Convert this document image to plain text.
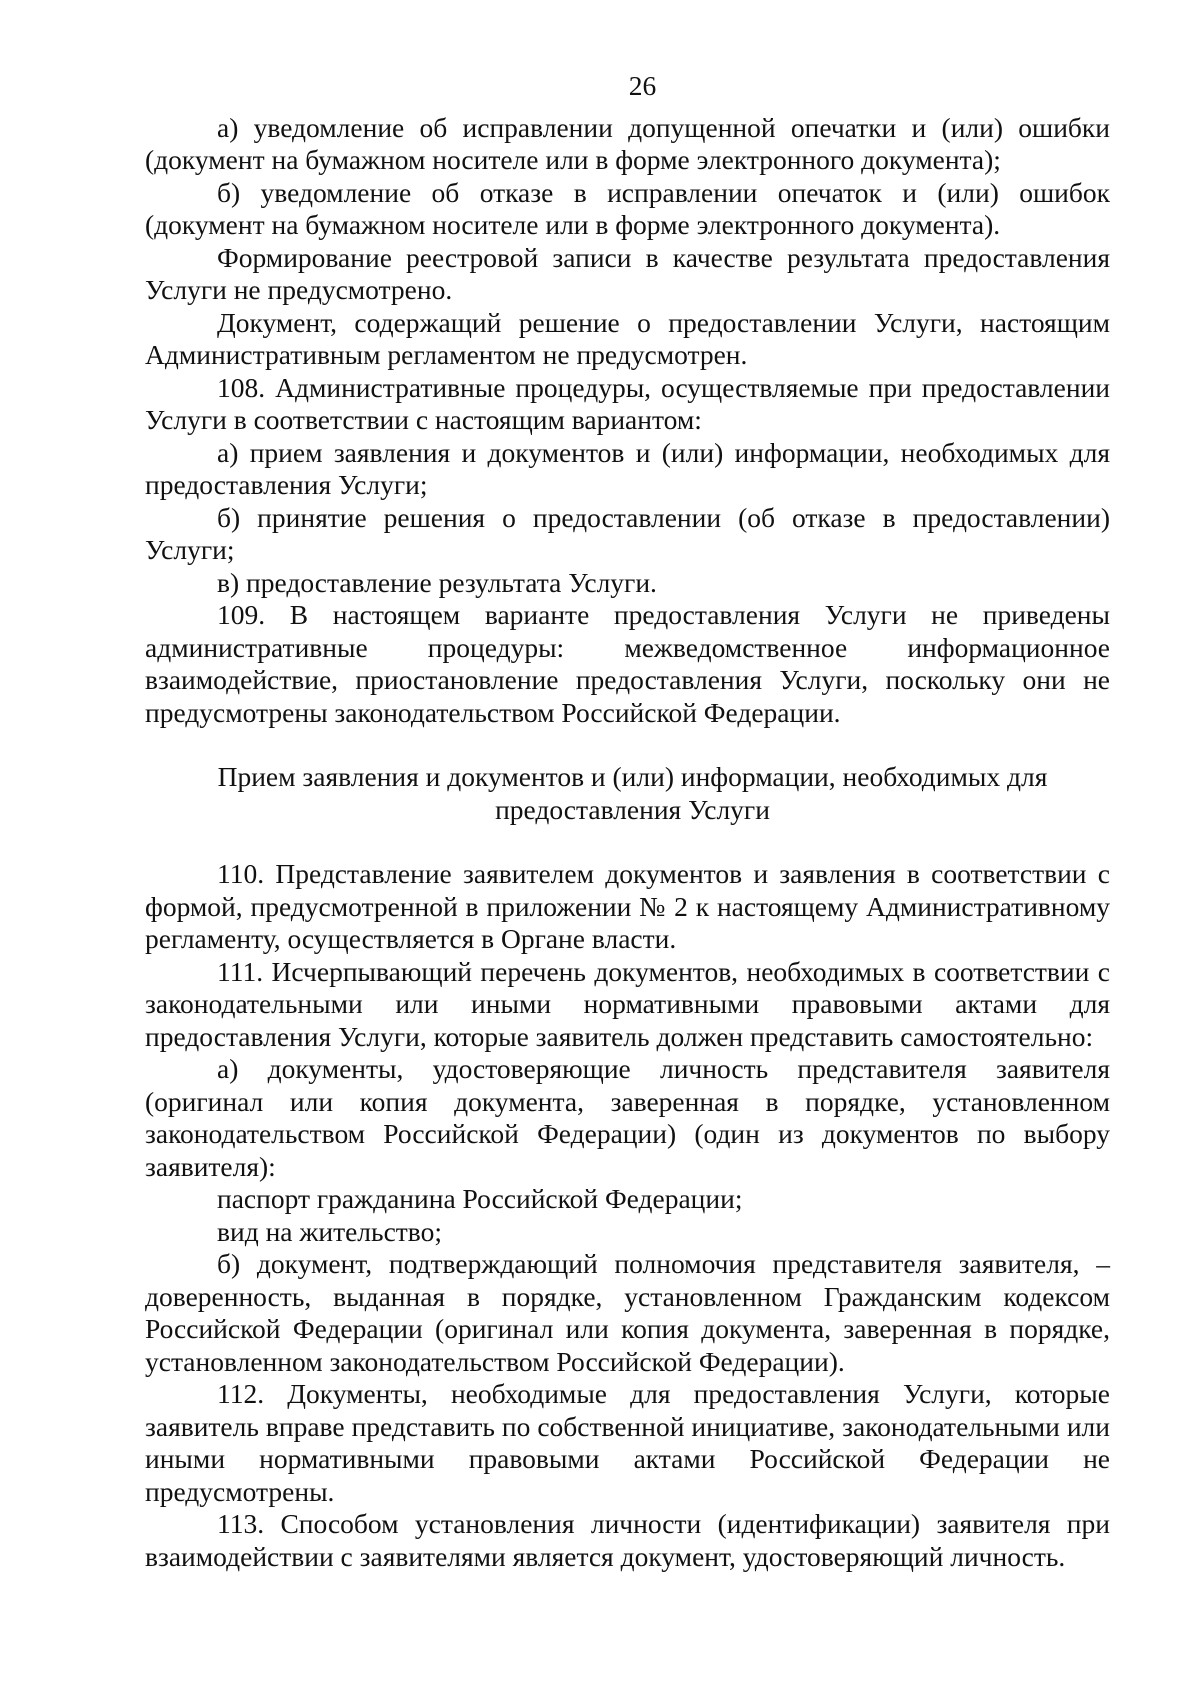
26

а) уведомление об исправлении допущенной опечатки и (или) ошибки (документ на бумажном носителе или в форме электронного документа);

б) уведомление об отказе в исправлении опечаток и (или) ошибок (документ на бумажном носителе или в форме электронного документа).

Формирование реестровой записи в качестве результата предоставления Услуги не предусмотрено.

Документ, содержащий решение о предоставлении Услуги, настоящим Административным регламентом не предусмотрен.

108. Административные процедуры, осуществляемые при предоставлении Услуги в соответствии с настоящим вариантом:

а) прием заявления и документов и (или) информации, необходимых для предоставления Услуги;

б) принятие решения о предоставлении (об отказе в предоставлении) Услуги;

в) предоставление результата Услуги.

109. В настоящем варианте предоставления Услуги не приведены административные процедуры: межведомственное информационное взаимодействие, приостановление предоставления Услуги, поскольку они не предусмотрены законодательством Российской Федерации.

Прием заявления и документов и (или) информации, необходимых для
предоставления Услуги

110. Представление заявителем документов и заявления в соответствии с формой, предусмотренной в приложении № 2 к настоящему Административному регламенту, осуществляется в Органе власти.

111. Исчерпывающий перечень документов, необходимых в соответствии с законодательными или иными нормативными правовыми актами для предоставления Услуги, которые заявитель должен представить самостоятельно:

а) документы, удостоверяющие личность представителя заявителя (оригинал или копия документа, заверенная в порядке, установленном законодательством Российской Федерации) (один из документов по выбору заявителя):

паспорт гражданина Российской Федерации;

вид на жительство;

б) документ, подтверждающий полномочия представителя заявителя, – доверенность, выданная в порядке, установленном Гражданским кодексом Российской Федерации (оригинал или копия документа, заверенная в порядке, установленном законодательством Российской Федерации).

112. Документы, необходимые для предоставления Услуги, которые заявитель вправе представить по собственной инициативе, законодательными или иными нормативными правовыми актами Российской Федерации не предусмотрены.

113. Способом установления личности (идентификации) заявителя при взаимодействии с заявителями является документ, удостоверяющий личность.
